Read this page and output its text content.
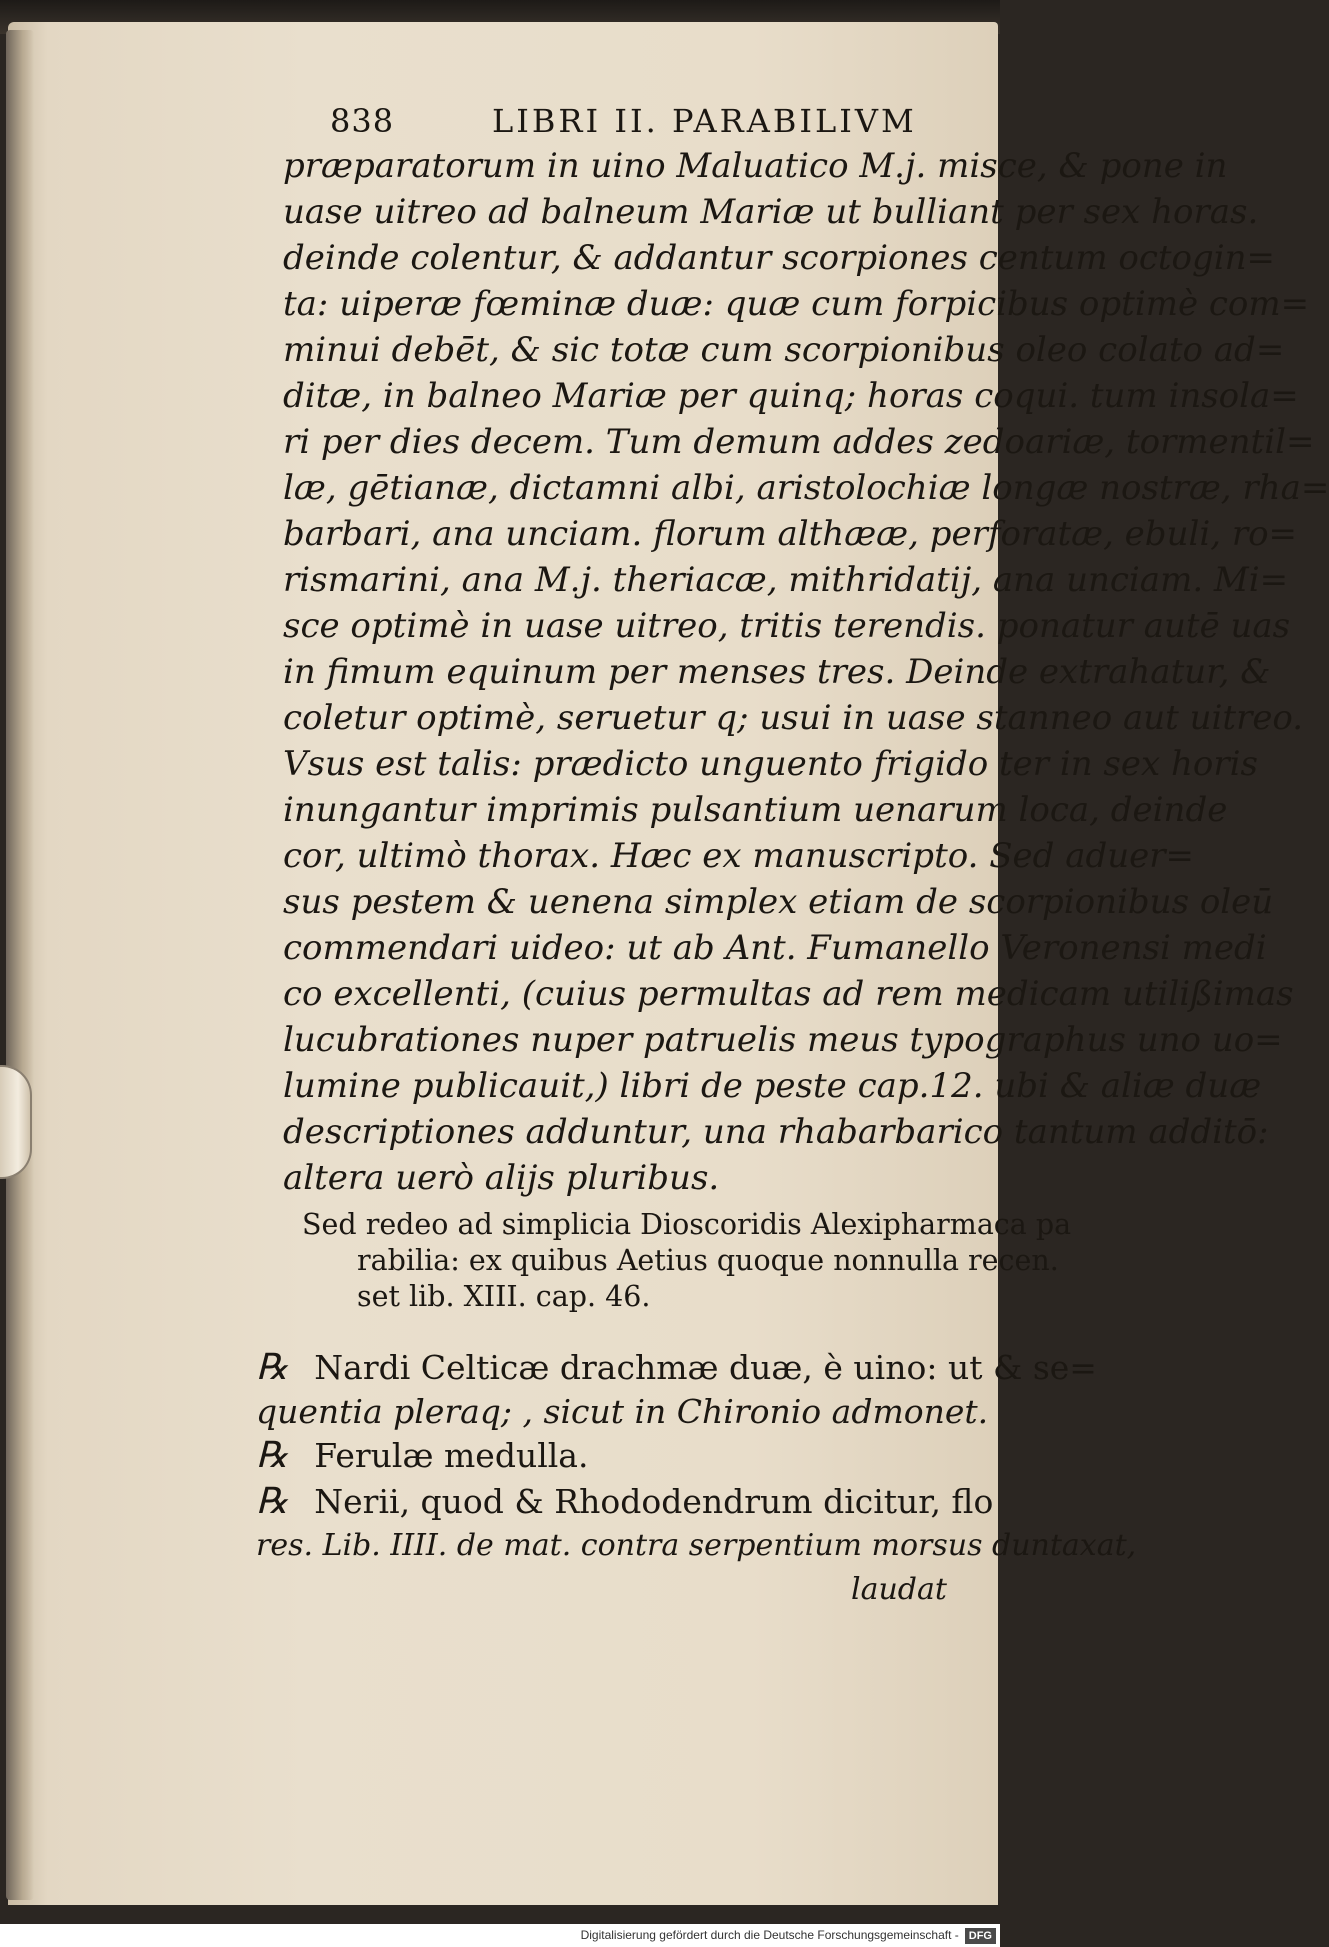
838	LIBRI II. PARABILIVM
præparatorum in uino Maluatico M.j. misce, & pone in
uase uitreo ad balneum Mariæ ut bulliant per sex horas.
deinde colentur, & addantur scorpiones centum octogin=
ta: uiperæ fœminæ duæ: quæ cum forpicibus optimè com=
minui debēt, & sic totæ cum scorpionibus oleo colato ad=
ditæ, in balneo Mariæ per quinq; horas coqui. tum insola=
ri per dies decem. Tum demum addes zedoariæ, tormentil=
læ, gētianæ, dictamni albi, aristolochiæ longæ nostræ, rha=
barbari, ana unciam. florum althææ, perforatæ, ebuli, ro=
rismarini, ana M.j. theriacæ, mithridatij, ana unciam. Mi=
sce optimè in uase uitreo, tritis terendis. ponatur autē uas
in fimum equinum per menses tres. Deinde extrahatur, &
coletur optimè, seruetur q; usui in uase stanneo aut uitreo.
Vsus est talis: prædicto unguento frigido ter in sex horis
inungantur imprimis pulsantium uenarum loca, deinde
cor, ultimò thorax. Hæc ex manuscripto. Sed aduer=
sus pestem & uenena simplex etiam de scorpionibus oleū
commendari uideo: ut ab Ant. Fumanello Veronensi medi
co excellenti, (cuius permultas ad rem medicam utilißimas
lucubrationes nuper patruelis meus typographus uno uo=
lumine publicauit,) libri de peste cap.12. ubi & aliæ duæ
descriptiones adduntur, una rhabarbarico tantum additō:
altera uerò alijs pluribus.
Sed redeo ad simplicia Dioscoridis Alexipharmaca pa
rabilia: ex quibus Aetius quoque nonnulla recen.
set lib. XIII. cap. 46.
℞ Nardi Celticæ drachmæ duæ, è uino: ut & se=
quentia pleraq; , sicut in Chironio admonet.
℞ Ferulæ medulla.
℞ Nerii, quod & Rhododendrum dicitur, flo
res. Lib. IIII. de mat. contra serpentium morsus duntaxat,
laudat
Digitalisierung gefördert durch die Deutsche Forschungsgemeinschaft - DFG
